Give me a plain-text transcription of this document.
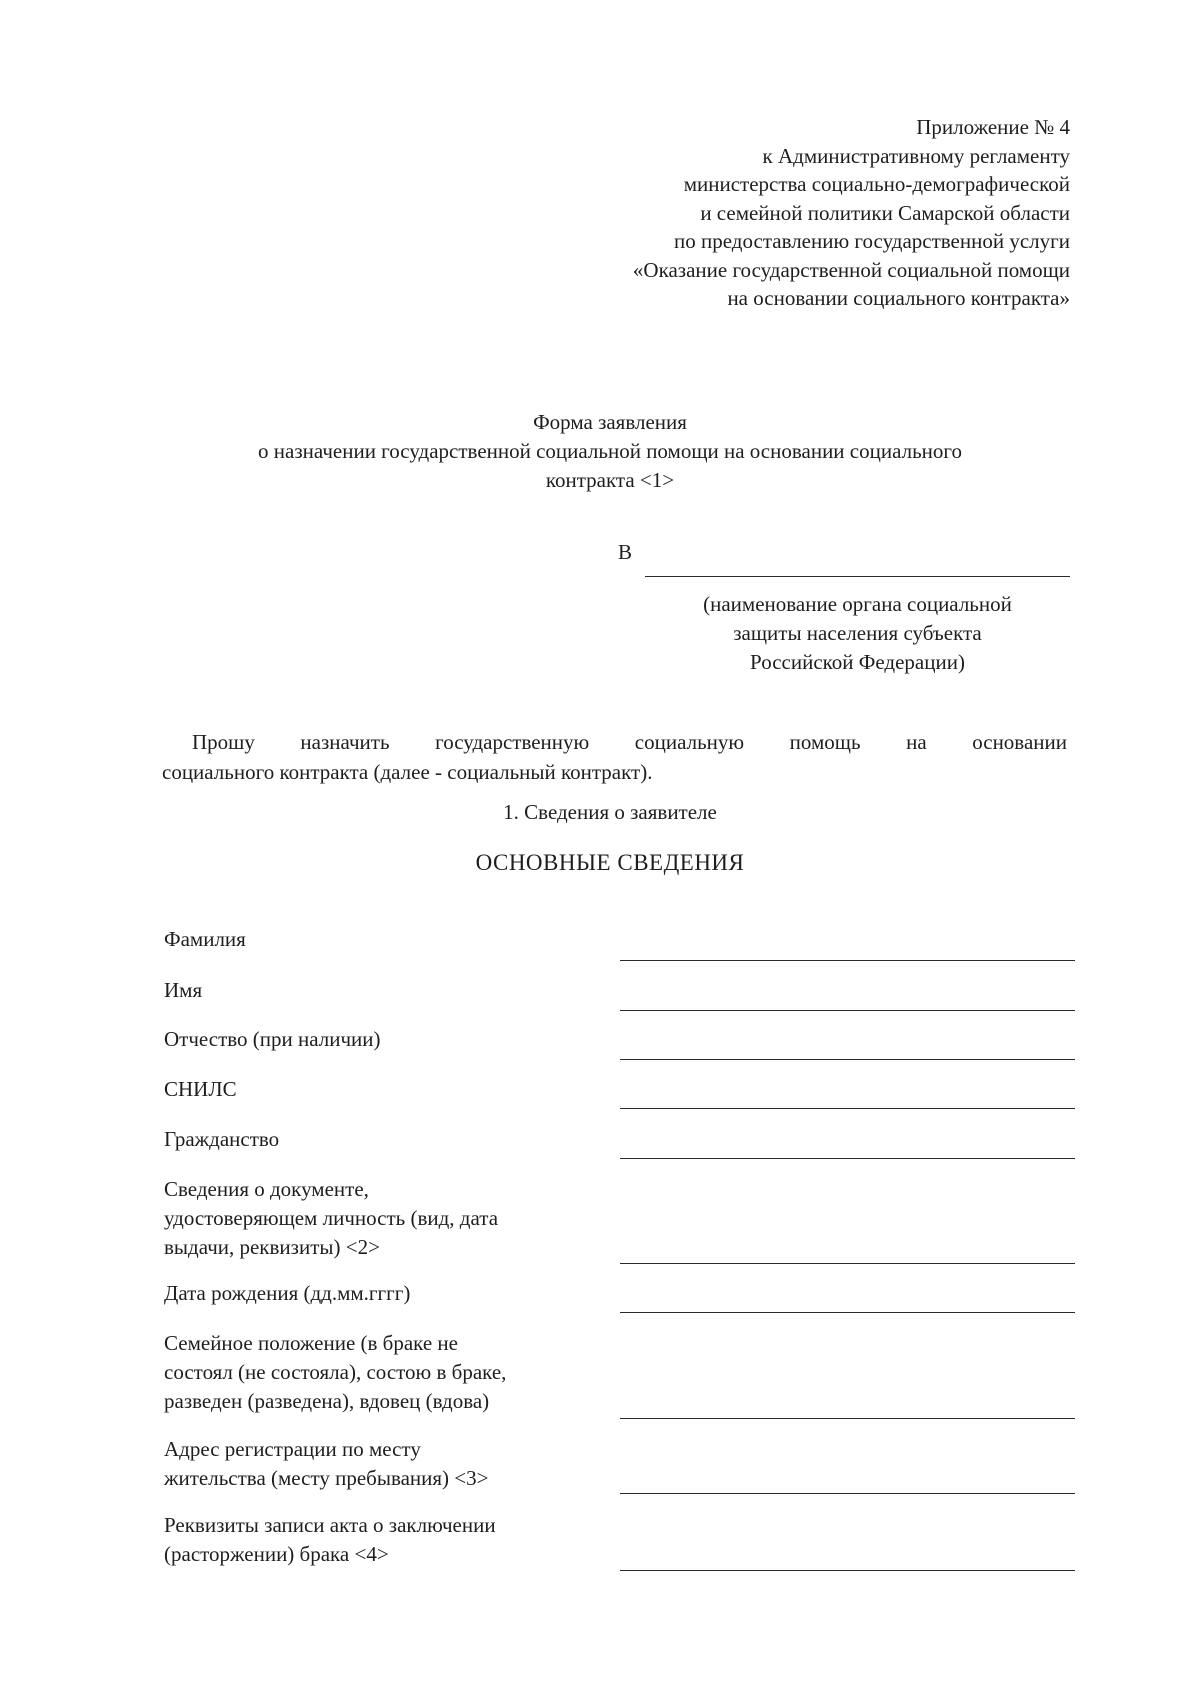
Приложение № 4
к Административному регламенту
министерства социально-демографической
и семейной политики Самарской области
по предоставлению государственной услуги
«Оказание государственной социальной помощи
на основании социального контракта»
Форма заявления
о назначении государственной социальной помощи на основании социального
контракта <1>
В
(наименование органа социальной
защиты населения субъекта
Российской Федерации)
Прошу назначить государственную социальную помощь на основании
социального контракта (далее - социальный контракт).
1. Сведения о заявителе
ОСНОВНЫЕ СВЕДЕНИЯ
Фамилия
Имя
Отчество (при наличии)
СНИЛС
Гражданство
Сведения о документе,
удостоверяющем личность (вид, дата
выдачи, реквизиты) <2>
Дата рождения (дд.мм.гггг)
Семейное положение (в браке не
состоял (не состояла), состою в браке,
разведен (разведена), вдовец (вдова)
Адрес регистрации по месту
жительства (месту пребывания) <3>
Реквизиты записи акта о заключении
(расторжении) брака <4>
